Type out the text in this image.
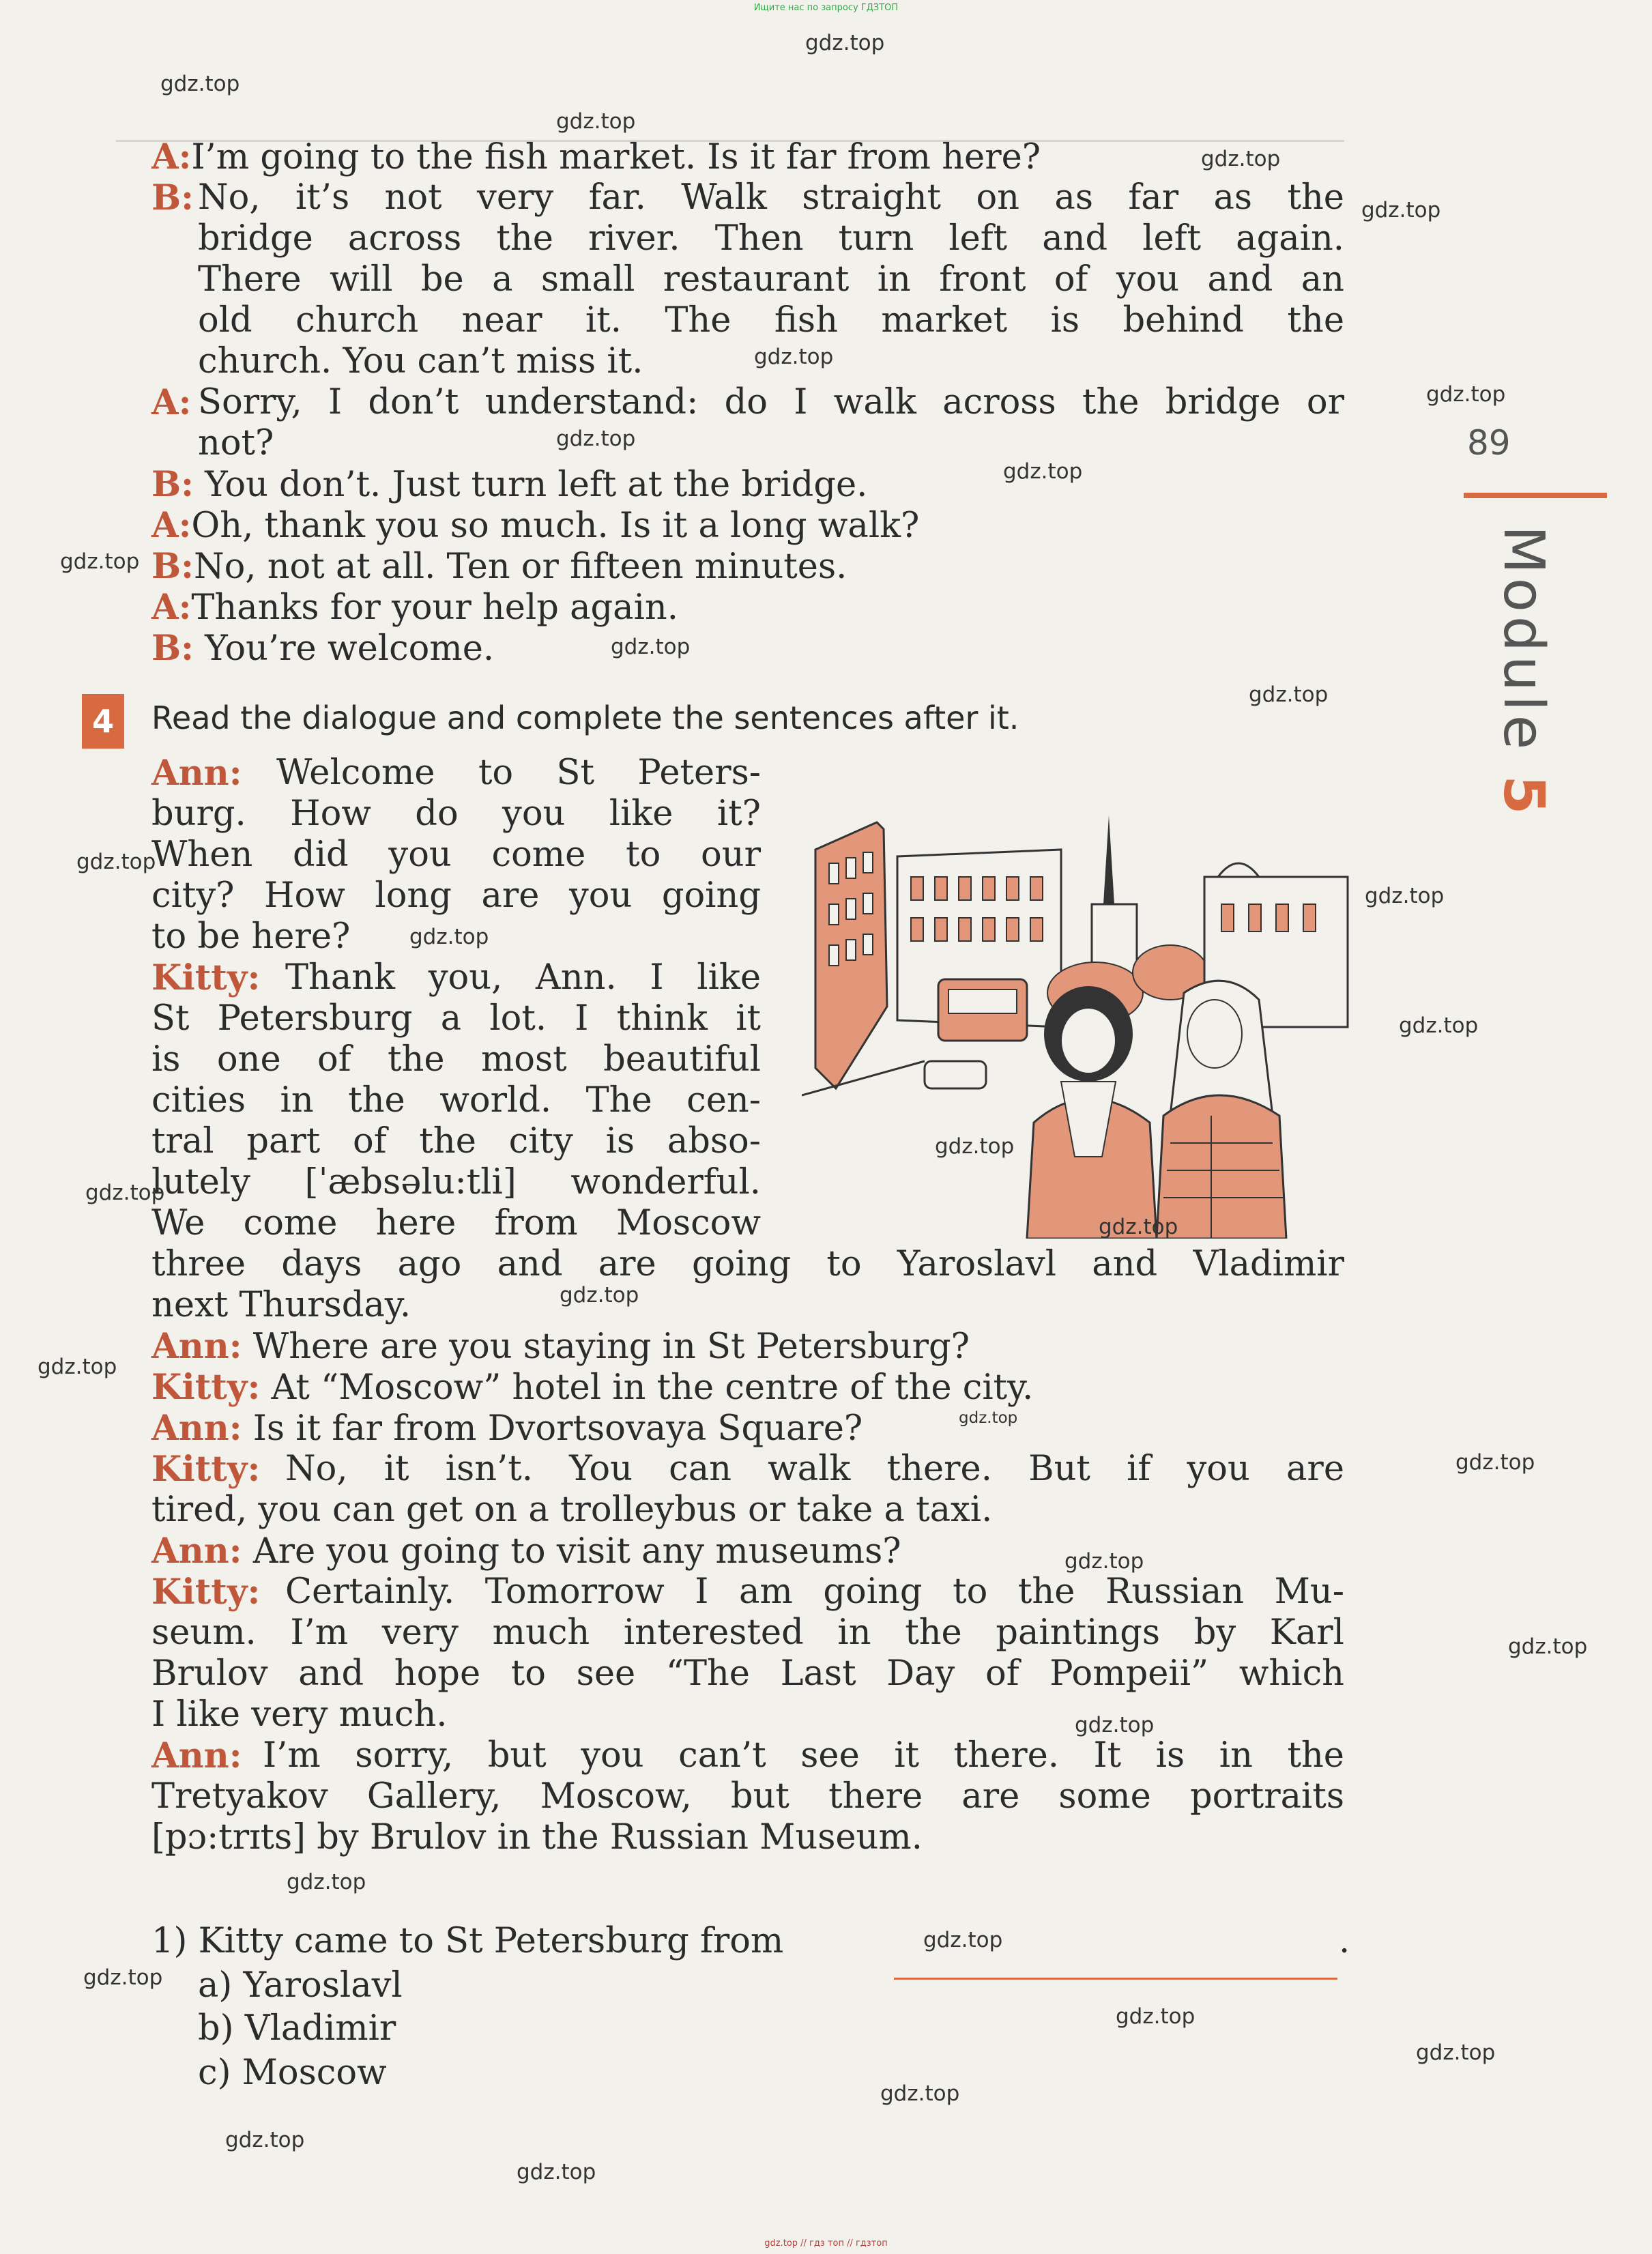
Ищите нас по запросу ГДЗТОП
A:I’m going to the fish market. Is it far from here?
B: No, it’s not very far. Walk straight on as far as the
bridge across the river. Then turn left and left again.
There will be a small restaurant in front of you and an
old church near it. The fish market is behind the
church. You can’t miss it.
A: Sorry, I don’t understand: do I walk across the bridge or
not?
B: You don’t. Just turn left at the bridge.
A:Oh, thank you so much. Is it a long walk?
B:No, not at all. Ten or fifteen minutes.
A:Thanks for your help again.
B: You’re welcome.
89
Module 5
4	Read the dialogue and complete the sentences after it.
Ann: Welcome to St Peters-
burg. How do you like it?
When did you come to our
city? How long are you going
to be here?
Kitty: Thank you, Ann. I like
St Petersburg a lot. I think it
is one of the most beautiful
cities in the world. The cen-
tral part of the city is abso-
lutely [ˈæbsəlu:tli] wonderful.
We come here from Moscow
three days ago and are going to Yaroslavl and Vladimir
next Thursday.
Ann: Where are you staying in St Petersburg?
Kitty: At “Moscow” hotel in the centre of the city.
Ann: Is it far from Dvortsovaya Square?
Kitty: No, it isn’t. You can walk there. But if you are
tired, you can get on a trolleybus or take a taxi.
Ann: Are you going to visit any museums?
Kitty: Certainly. Tomorrow I am going to the Russian Mu-
seum. I’m very much interested in the paintings by Karl
Brulov and hope to see “The Last Day of Pompeii” which
I like very much.
Ann: I’m sorry, but you can’t see it there. It is in the
Tretyakov Gallery, Moscow, but there are some portraits
[pɔ:trɪts] by Brulov in the Russian Museum.
1) Kitty came to St Petersburg from	.
a) Yaroslavl
b) Vladimir
c) Moscow
gdz.top
gdz.top
gdz.top
gdz.top
gdz.top
gdz.top
gdz.top
gdz.top
gdz.top
gdz.top
gdz.top
gdz.top
gdz.top
gdz.top
gdz.top
gdz.top
gdz.top
gdz.top
gdz.top
gdz.top
gdz.top
gdz.top
gdz.top
gdz.top
gdz.top
gdz.top
gdz.top
gdz.top
gdz.top
gdz.top
gdz.top
gdz.top
gdz.top
gdz.top
gdz.top // гдз топ // гдзтоп
